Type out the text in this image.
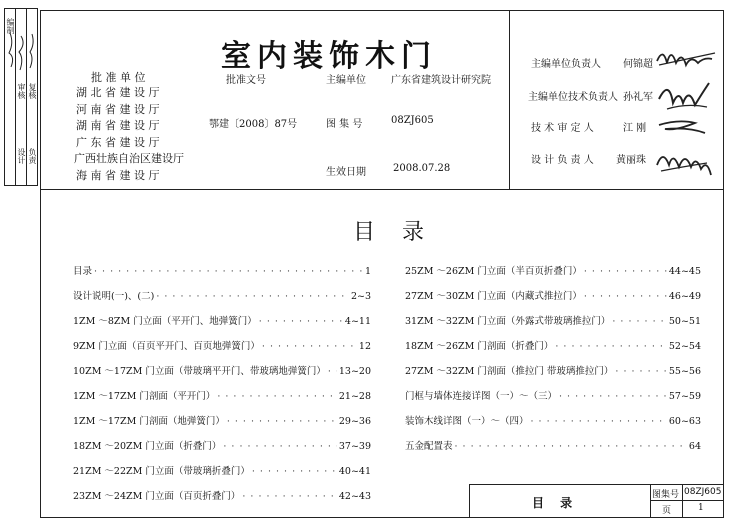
编制
审核 复核
设计 负责
室内装饰木门
批 准 单 位	批准文号	主编单位	广东省建筑设计研究院
湖 北 省 建 设 厅
河 南 省 建 设 厅
湖 南 省 建 设 厅
广 东 省 建 设 厅
广西壮族自治区建设厅
海 南 省 建 设 厅
鄂建〔2008〕87号	图 集 号	08ZJ605
生效日期	2008.07.28
主编单位负责人 何锦超
主编单位技术负责人 孙礼军
技 术 审 定 人	江 刚
设 计 负 责 人 黄丽珠
目 录
目录 · · ·	1
设计说明(一)、(二) · · ·	2~3
1ZM ～8ZM 门立面（平开门、地弹簧门） · · ·	4~11
9ZM 门立面（百页平开门、百页地弹簧门） · · ·	12
10ZM ～17ZM 门立面（带玻璃平开门、带玻璃地弹簧门） · · · 13~20
1ZM ～17ZM 门剖面（平开门） · · ·	21~28
1ZM ～17ZM 门剖面（地弹簧门） · · ·	29~36
18ZM ～20ZM 门立面（折叠门） · · ·	37~39
21ZM ～22ZM 门立面（带玻璃折叠门） · · ·	40~41
23ZM ～24ZM 门立面（百页折叠门） · · ·	42~43
25ZM ～26ZM 门立面（半百页折叠门） · · ·	44~45
27ZM ～30ZM 门立面（内藏式推拉门） · · ·	46~49
31ZM ～32ZM 门立面（外露式带玻璃推拉门） · · ·	50~51
18ZM ～26ZM 门剖面（折叠门） · · ·	52~54
27ZM ～32ZM 门剖面（推拉门 带玻璃推拉门） · · ·	55~56
门框与墙体连接详图（一）～（三） · · ·	57~59
装饰木线详图（一）～（四） · · ·	60~63
五金配置表 · · ·	64
目 录
图集号 08ZJ605
页	1
